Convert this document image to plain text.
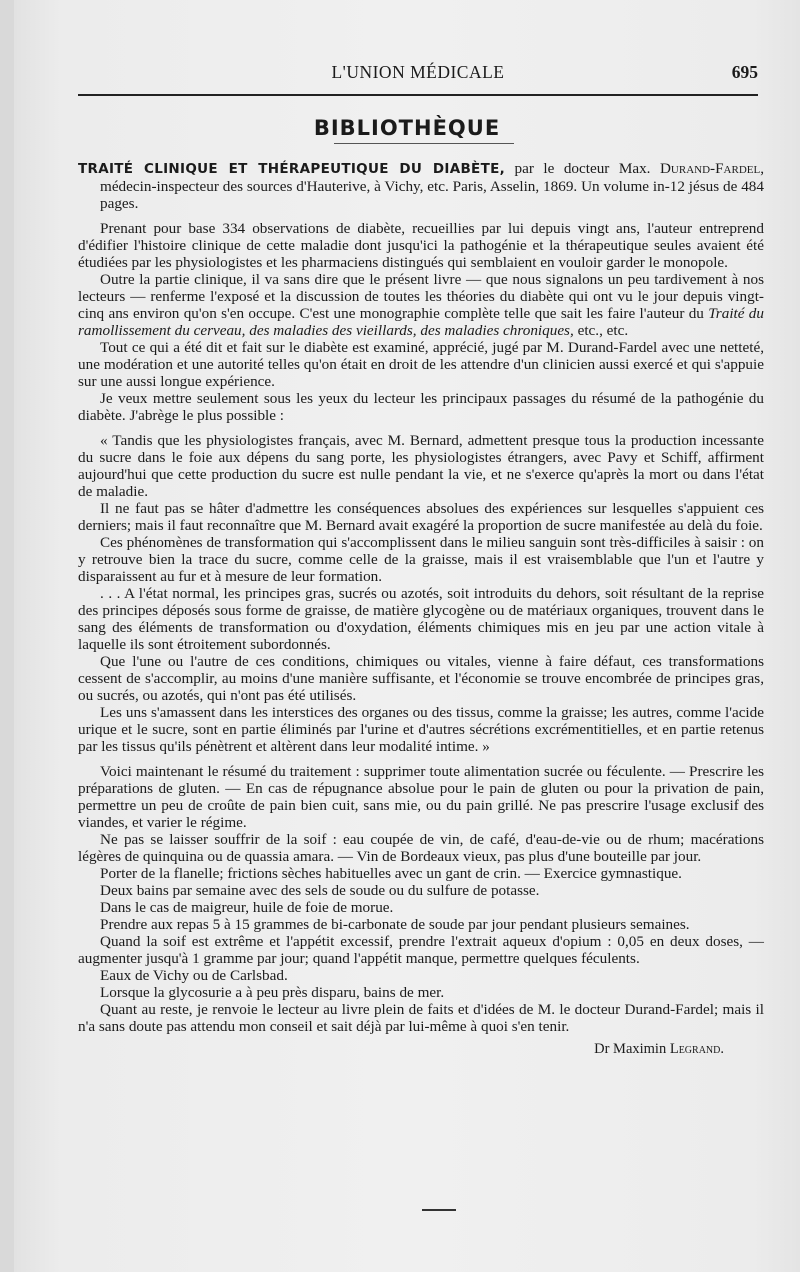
L'UNION MÉDICALE	695
BIBLIOTHÈQUE

TRAITÉ CLINIQUE ET THÉRAPEUTIQUE DU DIABÈTE, par le docteur Max. Durand-Fardel, médecin-inspecteur des sources d'Hauterive, à Vichy, etc. Paris, Asselin, 1869. Un volume in-12 jésus de 484 pages.

Prenant pour base 334 observations de diabète, recueillies par lui depuis vingt ans, l'auteur entreprend d'édifier l'histoire clinique de cette maladie dont jusqu'ici la pathogénie et la thérapeutique seules avaient été étudiées par les physiologistes et les pharmaciens distingués qui semblaient en vouloir garder le monopole.

Outre la partie clinique, il va sans dire que le présent livre — que nous signalons un peu tardivement à nos lecteurs — renferme l'exposé et la discussion de toutes les théories du diabète qui ont vu le jour depuis vingt-cinq ans environ qu'on s'en occupe. C'est une monographie complète telle que sait les faire l'auteur du Traité du ramollissement du cerveau, des maladies des vieillards, des maladies chroniques, etc., etc.

Tout ce qui a été dit et fait sur le diabète est examiné, apprécié, jugé par M. Durand-Fardel avec une netteté, une modération et une autorité telles qu'on était en droit de les attendre d'un clinicien aussi exercé et qui s'appuie sur une aussi longue expérience.

Je veux mettre seulement sous les yeux du lecteur les principaux passages du résumé de la pathogénie du diabète. J'abrège le plus possible :

« Tandis que les physiologistes français, avec M. Bernard, admettent presque tous la production incessante du sucre dans le foie aux dépens du sang porte, les physiologistes étrangers, avec Pavy et Schiff, affirment aujourd'hui que cette production du sucre est nulle pendant la vie, et ne s'exerce qu'après la mort ou dans l'état de maladie.

Il ne faut pas se hâter d'admettre les conséquences absolues des expériences sur lesquelles s'appuient ces derniers; mais il faut reconnaître que M. Bernard avait exagéré la proportion de sucre manifestée au delà du foie.

Ces phénomènes de transformation qui s'accomplissent dans le milieu sanguin sont très-difficiles à saisir : on y retrouve bien la trace du sucre, comme celle de la graisse, mais il est vraisemblable que l'un et l'autre y disparaissent au fur et à mesure de leur formation.

. . . A l'état normal, les principes gras, sucrés ou azotés, soit introduits du dehors, soit résultant de la reprise des principes déposés sous forme de graisse, de matière glycogène ou de matériaux organiques, trouvent dans le sang des éléments de transformation ou d'oxydation, éléments chimiques mis en jeu par une action vitale à laquelle ils sont étroitement subordonnés.

Que l'une ou l'autre de ces conditions, chimiques ou vitales, vienne à faire défaut, ces transformations cessent de s'accomplir, au moins d'une manière suffisante, et l'économie se trouve encombrée de principes gras, ou sucrés, ou azotés, qui n'ont pas été utilisés.

Les uns s'amassent dans les interstices des organes ou des tissus, comme la graisse; les autres, comme l'acide urique et le sucre, sont en partie éliminés par l'urine et d'autres sécrétions excrémentitielles, et en partie retenus par les tissus qu'ils pénètrent et altèrent dans leur modalité intime. »

Voici maintenant le résumé du traitement : supprimer toute alimentation sucrée ou féculente. — Prescrire les préparations de gluten. — En cas de répugnance absolue pour le pain de gluten ou pour la privation de pain, permettre un peu de croûte de pain bien cuit, sans mie, ou du pain grillé. Ne pas prescrire l'usage exclusif des viandes, et varier le régime.

Ne pas se laisser souffrir de la soif : eau coupée de vin, de café, d'eau-de-vie ou de rhum; macérations légères de quinquina ou de quassia amara. — Vin de Bordeaux vieux, pas plus d'une bouteille par jour.

Porter de la flanelle; frictions sèches habituelles avec un gant de crin. — Exercice gymnastique.

Deux bains par semaine avec des sels de soude ou du sulfure de potasse.

Dans le cas de maigreur, huile de foie de morue.

Prendre aux repas 5 à 15 grammes de bi-carbonate de soude par jour pendant plusieurs semaines.

Quand la soif est extrême et l'appétit excessif, prendre l'extrait aqueux d'opium : 0,05 en deux doses, — augmenter jusqu'à 1 gramme par jour; quand l'appétit manque, permettre quelques féculents.

Eaux de Vichy ou de Carlsbad.

Lorsque la glycosurie a à peu près disparu, bains de mer.

Quant au reste, je renvoie le lecteur au livre plein de faits et d'idées de M. le docteur Durand-Fardel; mais il n'a sans doute pas attendu mon conseil et sait déjà par lui-même à quoi s'en tenir.

Dr Maximin Legrand.
